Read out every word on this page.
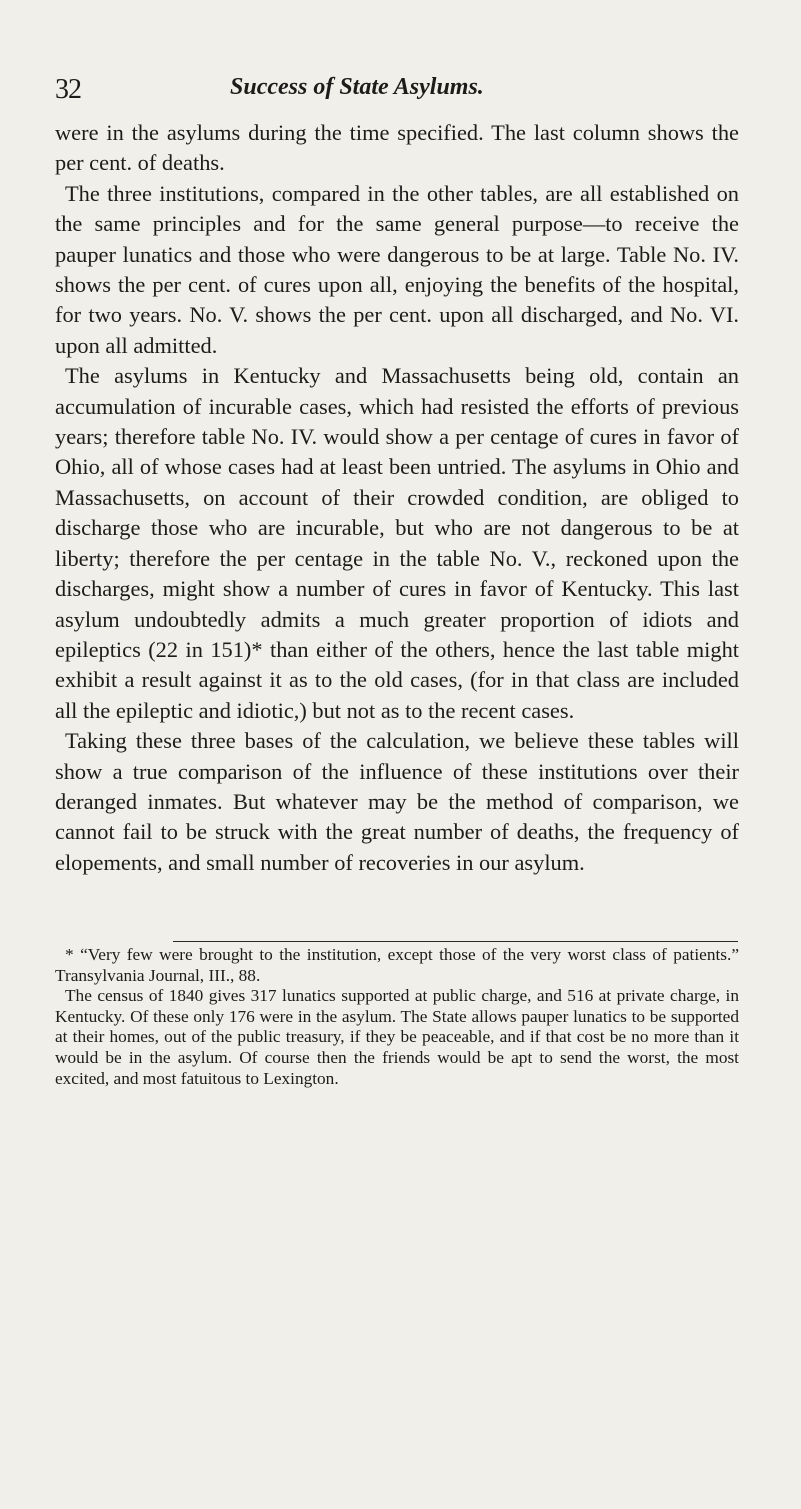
32	Success of State Asylums.

were in the asylums during the time specified. The last column shows the per cent. of deaths.

The three institutions, compared in the other tables, are all established on the same principles and for the same general purpose—to receive the pauper lunatics and those who were dangerous to be at large. Table No. IV. shows the per cent. of cures upon all, enjoying the benefits of the hospital, for two years. No. V. shows the per cent. upon all discharged, and No. VI. upon all admitted.

The asylums in Kentucky and Massachusetts being old, contain an accumulation of incurable cases, which had resisted the efforts of previous years; therefore table No. IV. would show a per centage of cures in favor of Ohio, all of whose cases had at least been untried. The asylums in Ohio and Massachusetts, on account of their crowded condition, are obliged to discharge those who are incurable, but who are not dangerous to be at liberty; therefore the per centage in the table No. V., reckoned upon the discharges, might show a number of cures in favor of Kentucky. This last asylum undoubtedly admits a much greater proportion of idiots and epileptics (22 in 151)* than either of the others, hence the last table might exhibit a result against it as to the old cases, (for in that class are included all the epileptic and idiotic,) but not as to the recent cases.

Taking these three bases of the calculation, we believe these tables will show a true comparison of the influence of these institutions over their deranged inmates. But whatever may be the method of comparison, we cannot fail to be struck with the great number of deaths, the frequency of elopements, and small number of recoveries in our asylum.

* “Very few were brought to the institution, except those of the very worst class of patients.” Transylvania Journal, III., 88.

The census of 1840 gives 317 lunatics supported at public charge, and 516 at private charge, in Kentucky. Of these only 176 were in the asylum. The State allows pauper lunatics to be supported at their homes, out of the public treasury, if they be peaceable, and if that cost be no more than it would be in the asylum. Of course then the friends would be apt to send the worst, the most excited, and most fatuitous to Lexington.
